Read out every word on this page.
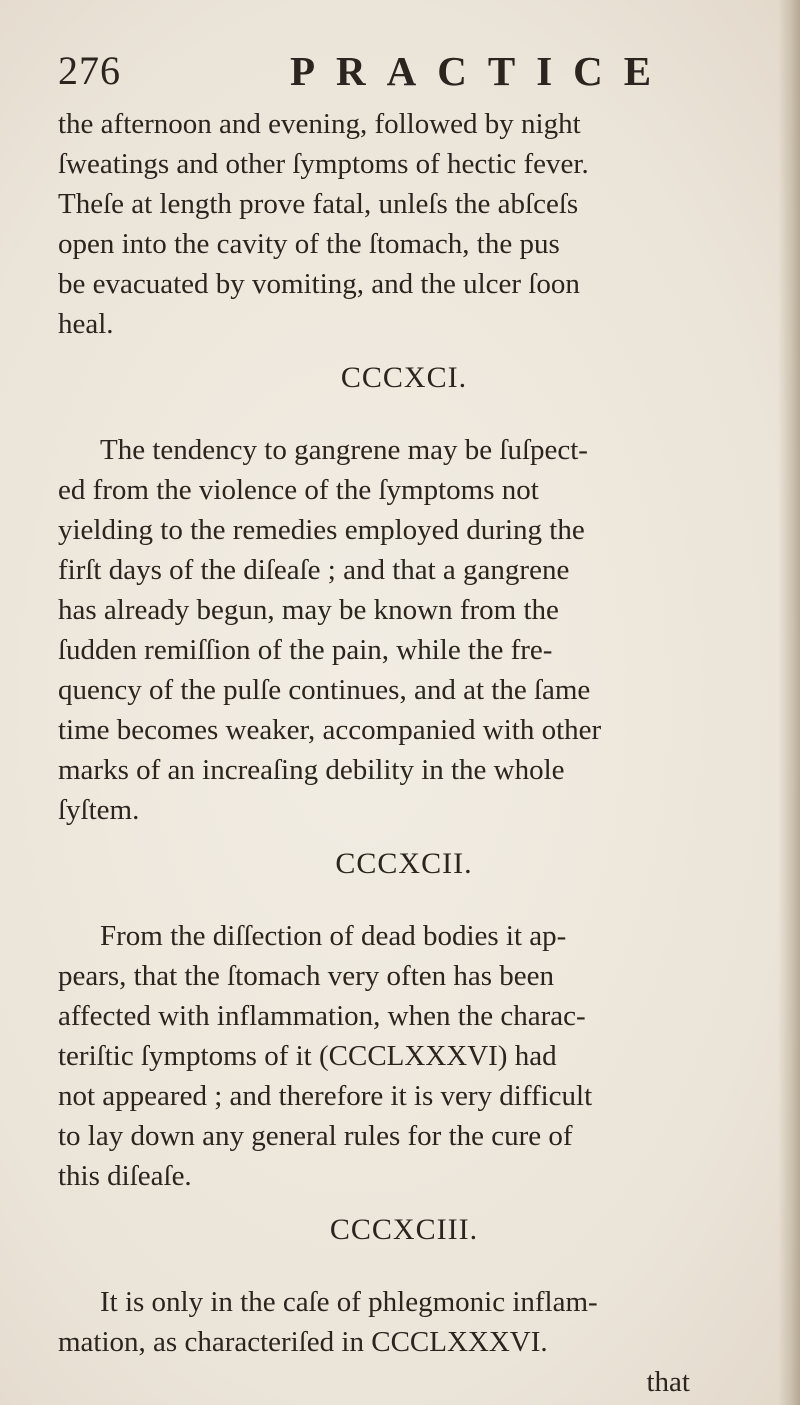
276	PRACTICE
the afternoon and evening, followed by night
ſweatings and other ſymptoms of hectic fever.
Theſe at length prove fatal, unleſs the abſceſs
open into the cavity of the ſtomach, the pus
be evacuated by vomiting, and the ulcer ſoon
heal.
CCCXCI.
The tendency to gangrene may be ſuſpect-
ed from the violence of the ſymptoms not
yielding to the remedies employed during the
firſt days of the diſeaſe ; and that a gangrene
has already begun, may be known from the
ſudden remiſſion of the pain, while the fre-
quency of the pulſe continues, and at the ſame
time becomes weaker, accompanied with other
marks of an increaſing debility in the whole
ſyſtem.
CCCXCII.
From the diſſection of dead bodies it ap-
pears, that the ſtomach very often has been
affected with inflammation, when the charac-
teriſtic ſymptoms of it (CCCLXXXVI) had
not appeared ; and therefore it is very difficult
to lay down any general rules for the cure of
this diſeaſe.
CCCXCIII.
It is only in the caſe of phlegmonic inflam-
mation, as characteriſed in CCCLXXXVI.
that
